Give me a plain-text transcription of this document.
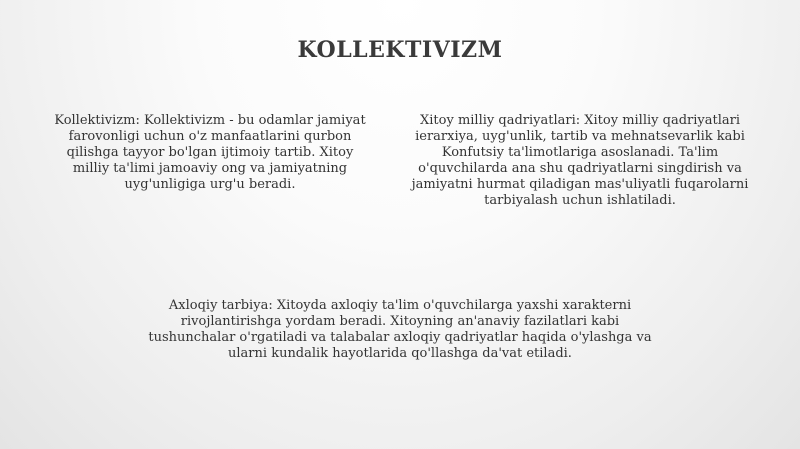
KOLLEKTIVIZM
Kollektivizm: Kollektivizm - bu odamlar jamiyat farovonligi uchun o'z manfaatlarini qurbon qilishga tayyor bo'lgan ijtimoiy tartib. Xitoy milliy ta'limi jamoaviy ong va jamiyatning uyg'unligiga urg'u beradi.
Xitoy milliy qadriyatlari: Xitoy milliy qadriyatlari ierarxiya, uyg'unlik, tartib va mehnatsevarlik kabi Konfutsiy ta'limotlariga asoslanadi. Ta'lim o'quvchilarda ana shu qadriyatlarni singdirish va jamiyatni hurmat qiladigan mas'uliyatli fuqarolarni tarbiyalash uchun ishlatiladi.
Axloqiy tarbiya: Xitoyda axloqiy ta'lim o'quvchilarga yaxshi xarakterni rivojlantirishga yordam beradi. Xitoyning an'anaviy fazilatlari kabi tushunchalar o'rgatiladi va talabalar axloqiy qadriyatlar haqida o'ylashga va ularni kundalik hayotlarida qo'llashga da'vat etiladi.
